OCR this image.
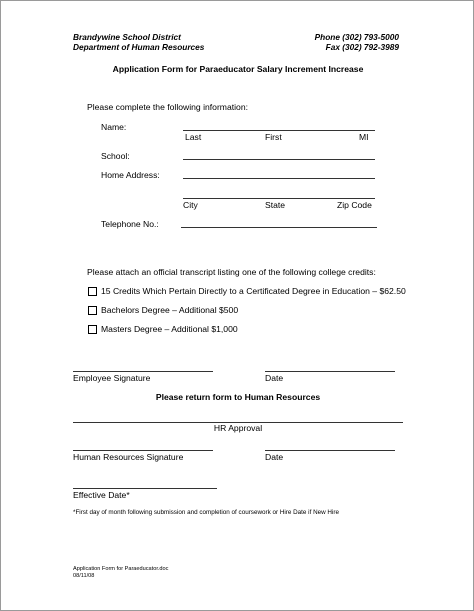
Brandywine School District
Department of Human Resources
Phone (302) 793-5000
Fax (302) 792-3989
Application Form for Paraeducator Salary Increment Increase
Please complete the following information:
Name:
Last	First	MI
School:
Home Address:
City	State	Zip Code
Telephone No.:
Please attach an official transcript listing one of the following college credits:
15 Credits Which Pertain Directly to a Certificated Degree in Education – $62.50
Bachelors Degree – Additional $500
Masters Degree – Additional $1,000
Employee Signature	Date
Please return form to Human Resources
HR Approval
Human Resources Signature	Date
Effective Date*
*First day of month following submission and completion of coursework or Hire Date if New Hire
Application Form for Paraeducator.doc
08/11/08
